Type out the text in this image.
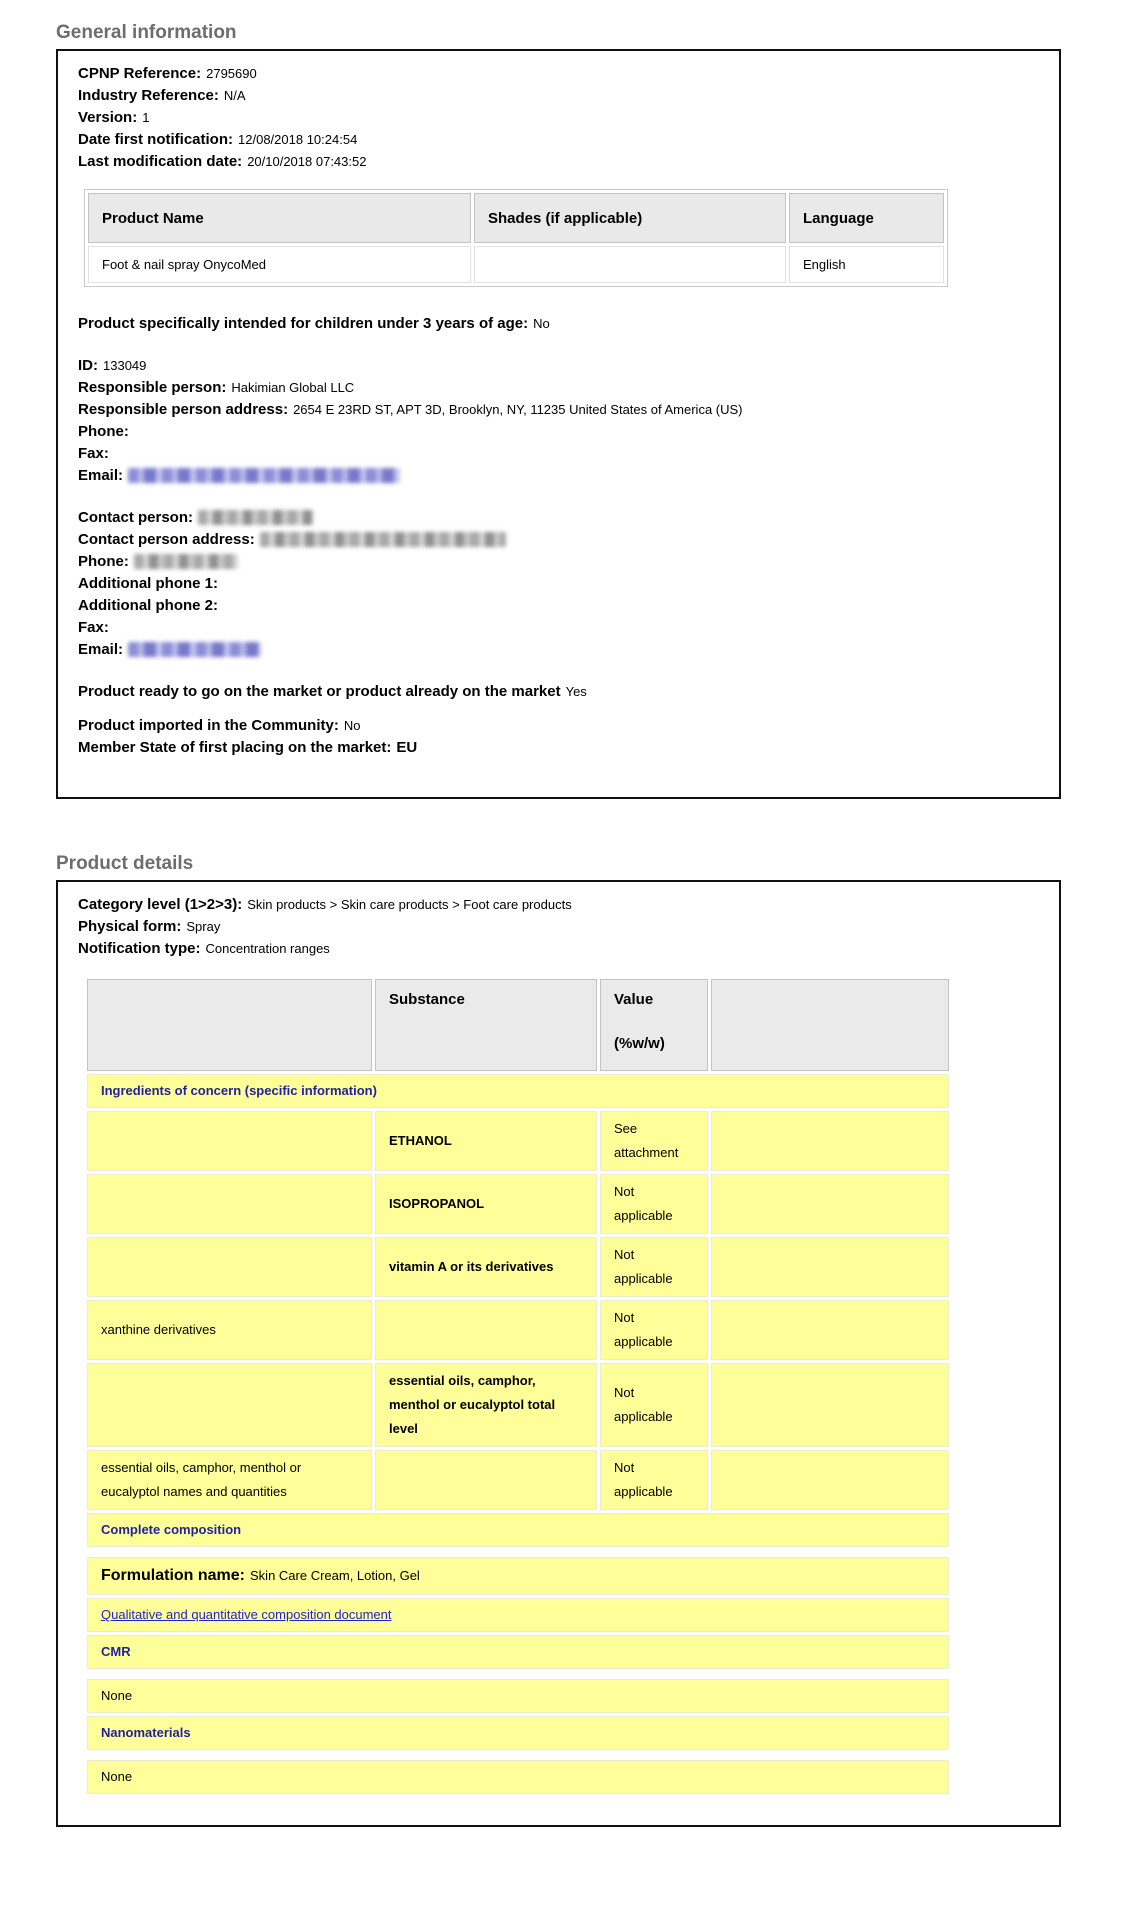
General information
CPNP Reference: 2795690
Industry Reference: N/A
Version: 1
Date first notification: 12/08/2018 10:24:54
Last modification date: 20/10/2018 07:43:52
Product Name	Shades (if applicable)	Language
Foot & nail spray OnycoMed		English
Product specifically intended for children under 3 years of age: No
ID: 133049
Responsible person: Hakimian Global LLC
Responsible person address: 2654 E 23RD ST, APT 3D, Brooklyn, NY, 11235 United States of America (US)
Phone:
Fax:
Email:
Contact person:
Contact person address:
Phone:
Additional phone 1:
Additional phone 2:
Fax:
Email:
Product ready to go on the market or product already on the market Yes
Product imported in the Community: No
Member State of first placing on the market: EU
Product details
Category level (1>2>3): Skin products > Skin care products > Foot care products
Physical form: Spray
Notification type: Concentration ranges

	Substance	Value
(%w/w)	

Ingredients of concern (specific information)			
	ETHANOL	See attachment	
	ISOPROPANOL	Not applicable	
	vitamin A or its derivatives	Not applicable	
xanthine derivatives		Not applicable	
	essential oils, camphor, menthol or eucalyptol total level	Not applicable	
essential oils, camphor, menthol or eucalyptol names and quantities		Not applicable	
Complete composition			

Formulation name: Skin Care Cream, Lotion, Gel			
Qualitative and quantitative composition document			
CMR			

None			
Nanomaterials			

None			
